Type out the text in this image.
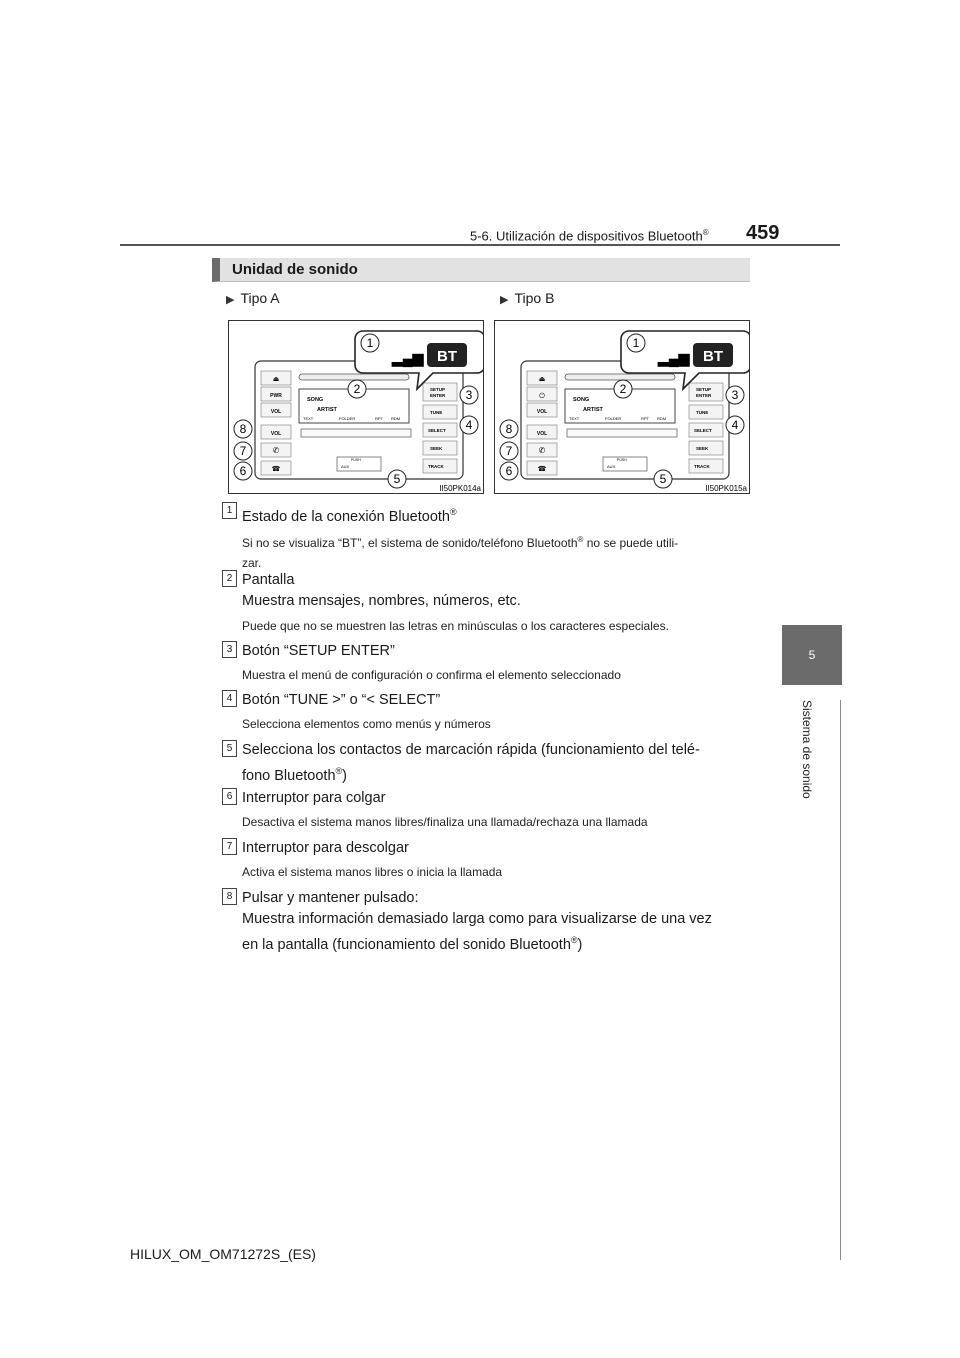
5-6. Utilización de dispositivos Bluetooth® 459
5
Sistema de sonido
Unidad de sonido
▶ Tipo A	▶ Tipo B
⏏
PWR
VOL
VOL
✆
☎
SONG
ARTIST
TEXT	FOLDER	RPT RDM
PUSH
AUX
SETUP
ENTER
TUNE
SELECT
SEEK
TRACK
▂▄▆ BT
1
2	3
4
5
6
7
8
II50PK014a
⏏
⏻
VOL
VOL
✆
☎
SONG
ARTIST
TEXT	FOLDER	RPT RDM
PUSH
AUX
SETUP
ENTER
TUNE
SELECT
SEEK
TRACK
▂▄▆ BT
1
2	3
4
5
6
7
8
II50PK015a
1 Estado de la conexión Bluetooth®
Si no se visualiza “BT”, el sistema de sonido/teléfono Bluetooth® no se puede utili-
zar.
2 Pantalla
Muestra mensajes, nombres, números, etc.
Puede que no se muestren las letras en minúsculas o los caracteres especiales.
3 Botón “SETUP ENTER”
Muestra el menú de configuración o confirma el elemento seleccionado
4 Botón “TUNE >” o “< SELECT”
Selecciona elementos como menús y números
5 Selecciona los contactos de marcación rápida (funcionamiento del telé-
fono Bluetooth®)
6 Interruptor para colgar
Desactiva el sistema manos libres/finaliza una llamada/rechaza una llamada
7 Interruptor para descolgar
Activa el sistema manos libres o inicia la llamada
8 Pulsar y mantener pulsado:
Muestra información demasiado larga como para visualizarse de una vez
en la pantalla (funcionamiento del sonido Bluetooth®)
HILUX_OM_OM71272S_(ES)
